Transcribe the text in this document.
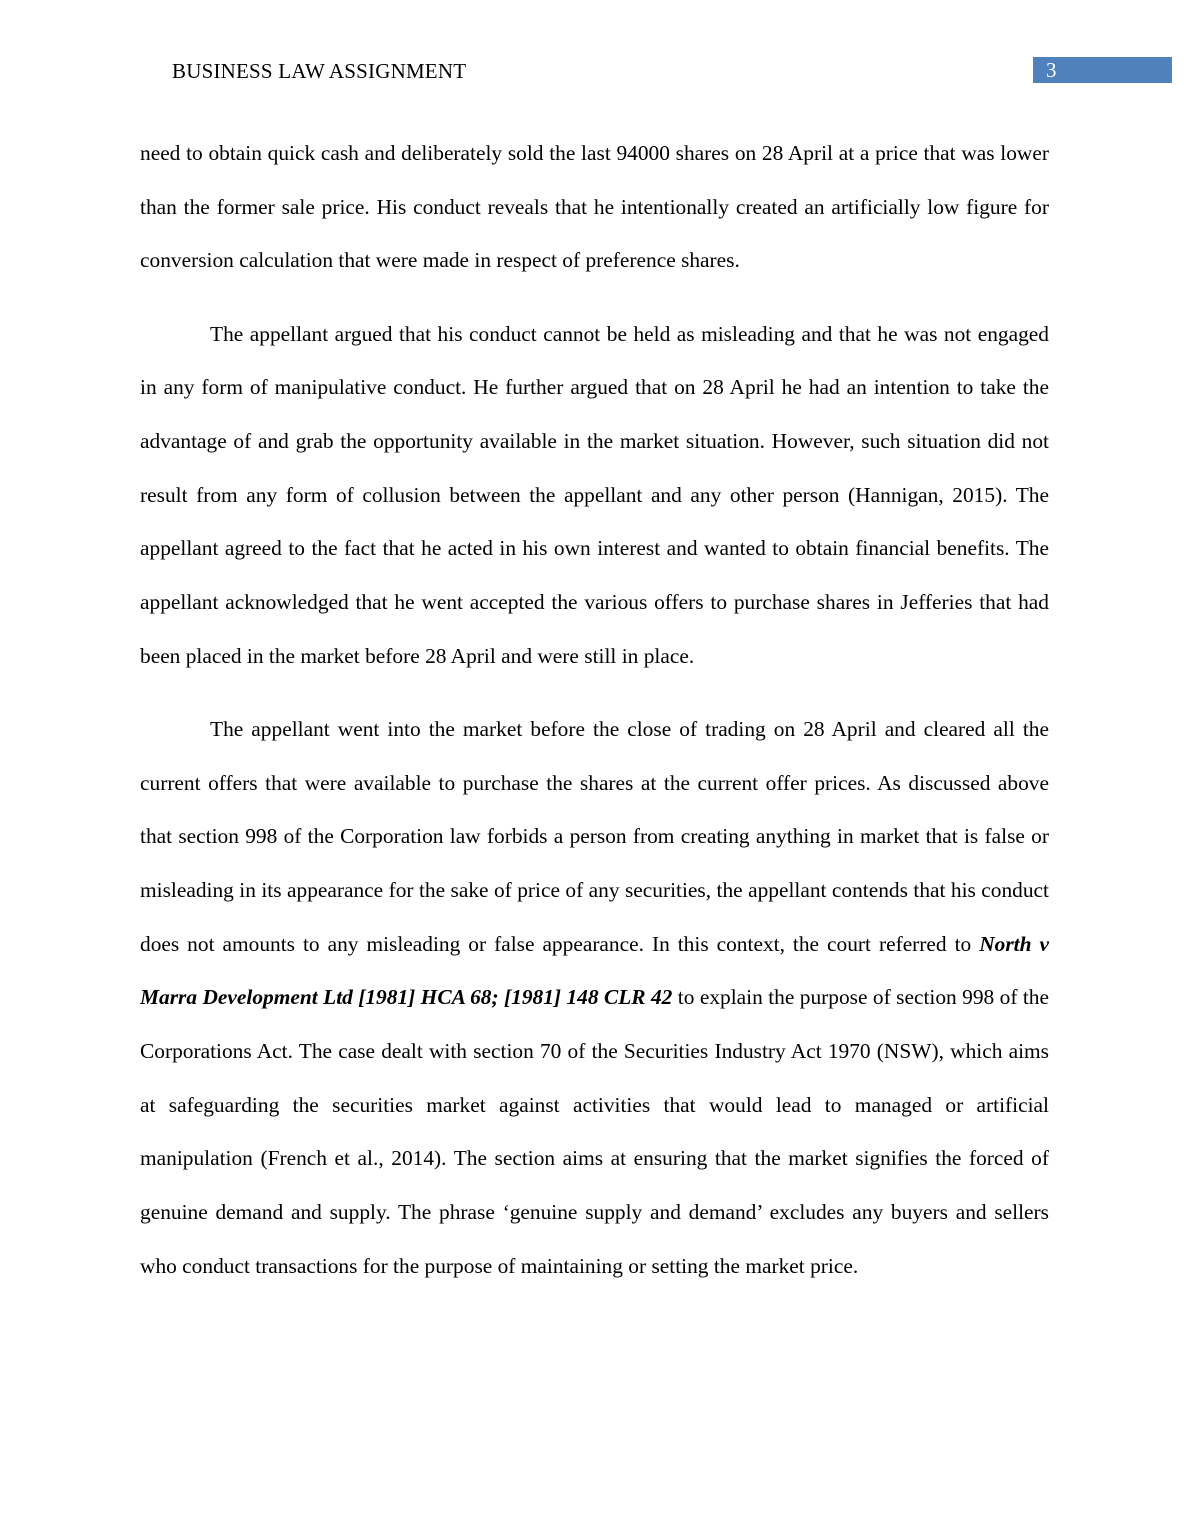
BUSINESS LAW ASSIGNMENT	3

need to obtain quick cash and deliberately sold the last 94000 shares on 28 April at a price that was lower than the former sale price. His conduct reveals that he intentionally created an artificially low figure for conversion calculation that were made in respect of preference shares.

The appellant argued that his conduct cannot be held as misleading and that he was not engaged in any form of manipulative conduct. He further argued that on 28 April he had an intention to take the advantage of and grab the opportunity available in the market situation. However, such situation did not result from any form of collusion between the appellant and any other person (Hannigan, 2015). The appellant agreed to the fact that he acted in his own interest and wanted to obtain financial benefits. The appellant acknowledged that he went accepted the various offers to purchase shares in Jefferies that had been placed in the market before 28 April and were still in place.

The appellant went into the market before the close of trading on 28 April and cleared all the current offers that were available to purchase the shares at the current offer prices. As discussed above that section 998 of the Corporation law forbids a person from creating anything in market that is false or misleading in its appearance for the sake of price of any securities, the appellant contends that his conduct does not amounts to any misleading or false appearance. In this context, the court referred to North v Marra Development Ltd [1981] HCA 68; [1981] 148 CLR 42 to explain the purpose of section 998 of the Corporations Act. The case dealt with section 70 of the Securities Industry Act 1970 (NSW), which aims at safeguarding the securities market against activities that would lead to managed or artificial manipulation (French et al., 2014). The section aims at ensuring that the market signifies the forced of genuine demand and supply. The phrase ‘genuine supply and demand’ excludes any buyers and sellers who conduct transactions for the purpose of maintaining or setting the market price.
